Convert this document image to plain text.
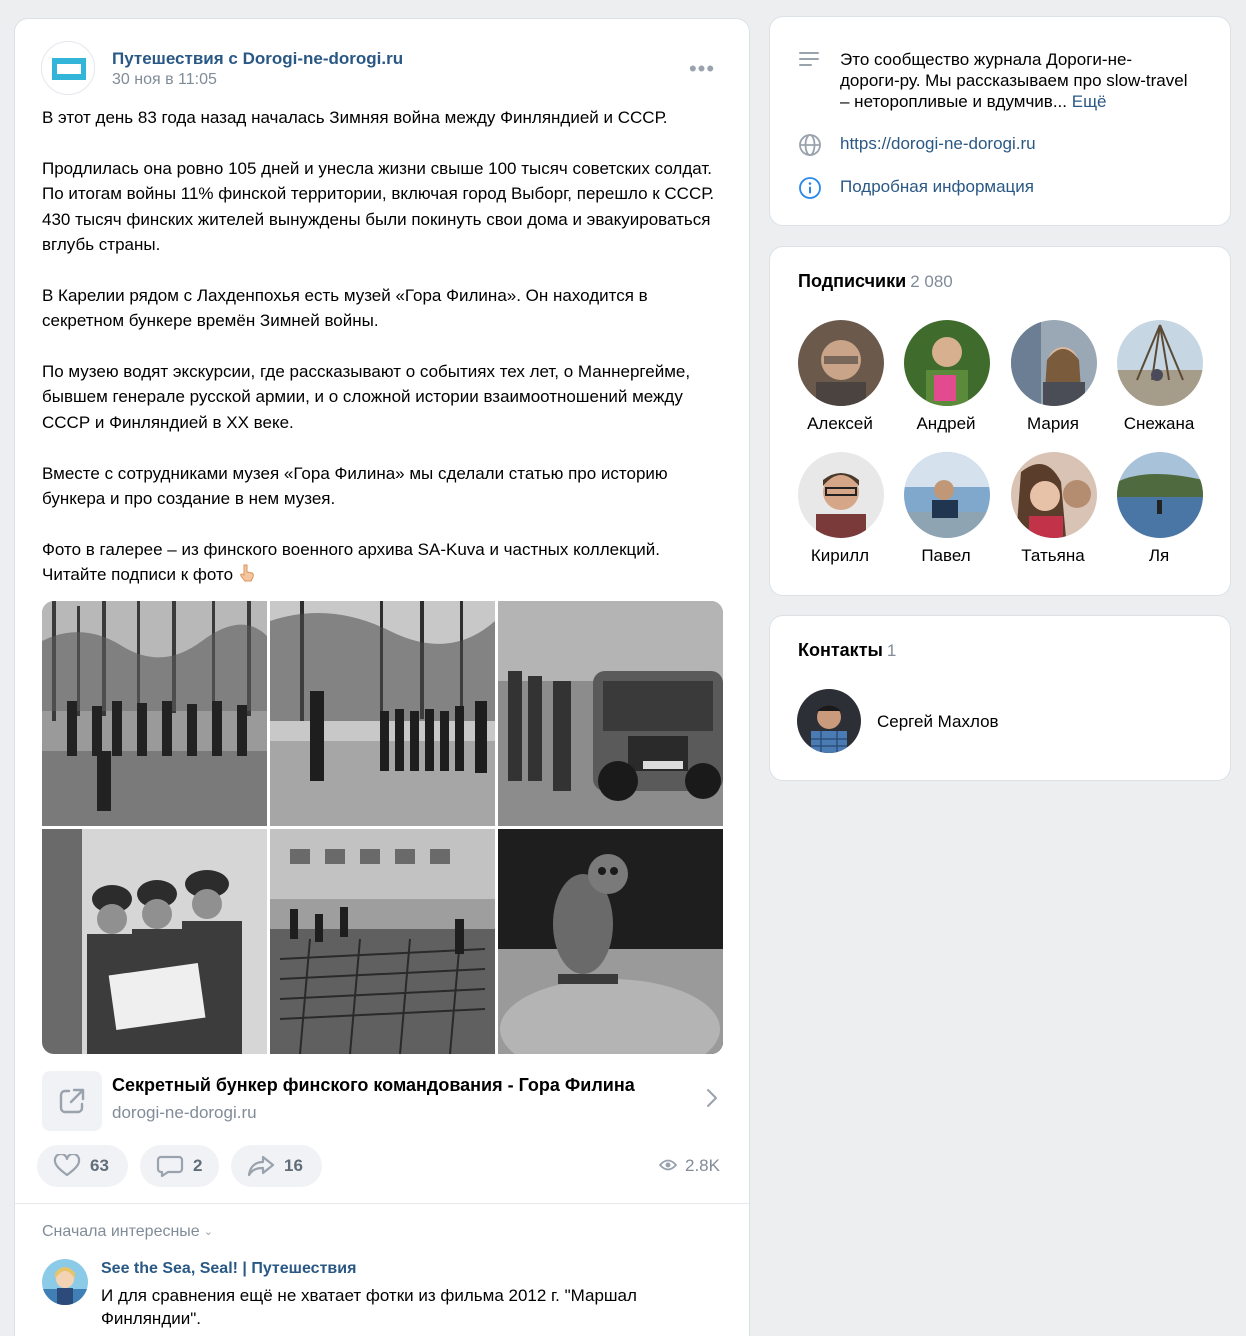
Путешествия с Dorogi-ne-dorogi.ru
30 ноя в 11:05	•••

В этот день 83 года назад началась Зимняя война между Финляндией и СССР.

Продлилась она ровно 105 дней и унесла жизни свыше 100 тысяч советских солдат. По итогам войны 11% финской территории, включая город Выборг, перешло к СССР. 430 тысяч финских жителей вынуждены были покинуть свои дома и эвакуироваться вглубь страны.

В Карелии рядом с Лахденпохья есть музей «Гора Филина». Он находится в секретном бункере времён Зимней войны.

По музею водят экскурсии, где рассказывают о событиях тех лет, о Маннергейме, бывшем генерале русской армии, и о сложной истории взаимоотношений между СССР и Финляндией в XX веке.

Вместе с сотрудниками музея «Гора Филина» мы сделали статью про историю бункера и про создание в нем музея.

Фото в галерее – из финского военного архива SA-Kuva и частных коллекций.
Читайте подписи к фото

Секретный бункер финского командования - Гора Филина
dorogi-ne-dorogi.ru
63	2	16	2.8K
Сначала интересные ⌄
See the Sea, Seal! | Путешествия
И для сравнения ещё не хватает фотки из фильма 2012 г. "Маршал Финляндии".
Это сообщество журнала Дороги-не-дороги-ру. Мы рассказываем про slow-travel – неторопливые и вдумчив... Ещё
https://dorogi-ne-dorogi.ru
Подробная информация
Подписчики 2 080
Алексей	Андрей	Мария	Снежана
Кирилл	Павел	Татьяна	Ля
Контакты 1
Сергей Махлов
